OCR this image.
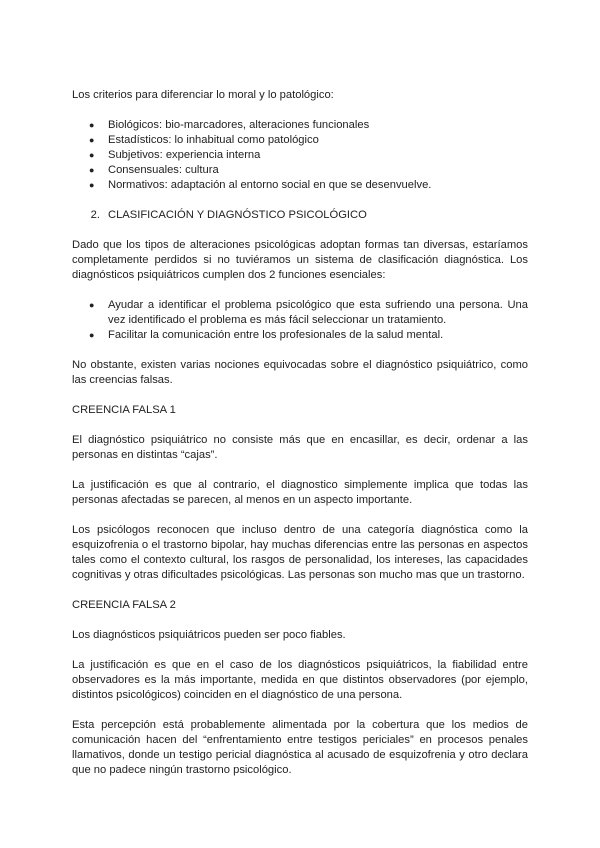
Los criterios para diferenciar lo moral y lo patológico:

● Biológicos: bio-marcadores, alteraciones funcionales
● Estadísticos: lo inhabitual como patológico
● Subjetivos: experiencia interna
● Consensuales: cultura
● Normativos: adaptación al entorno social en que se desenvuelve.
2. CLASIFICACIÓN Y DIAGNÓSTICO PSICOLÓGICO

Dado que los tipos de alteraciones psicológicas adoptan formas tan diversas, estaríamos completamente perdidos si no tuviéramos un sistema de clasificación diagnóstica. Los diagnósticos psiquiátricos cumplen dos 2 funciones esenciales:

● Ayudar a identificar el problema psicológico que esta sufriendo una persona. Una vez identificado el problema es más fácil seleccionar un tratamiento.
● Facilitar la comunicación entre los profesionales de la salud mental.

No obstante, existen varias nociones equivocadas sobre el diagnóstico psiquiátrico, como las creencias falsas.

CREENCIA FALSA 1

El diagnóstico psiquiátrico no consiste más que en encasillar, es decir, ordenar a las personas en distintas “cajas”.

La justificación es que al contrario, el diagnostico simplemente implica que todas las personas afectadas se parecen, al menos en un aspecto importante.

Los psicólogos reconocen que incluso dentro de una categoría diagnóstica como la esquizofrenia o el trastorno bipolar, hay muchas diferencias entre las personas en aspectos tales como el contexto cultural, los rasgos de personalidad, los intereses, las capacidades cognitivas y otras dificultades psicológicas. Las personas son mucho mas que un trastorno.

CREENCIA FALSA 2

Los diagnósticos psiquiátricos pueden ser poco fiables.

La justificación es que en el caso de los diagnósticos psiquiátricos, la fiabilidad entre observadores es la más importante, medida en que distintos observadores (por ejemplo, distintos psicológicos) coinciden en el diagnóstico de una persona.

Esta percepción está probablemente alimentada por la cobertura que los medios de comunicación hacen del “enfrentamiento entre testigos periciales” en procesos penales llamativos, donde un testigo pericial diagnóstica al acusado de esquizofrenia y otro declara que no padece ningún trastorno psicológico.
